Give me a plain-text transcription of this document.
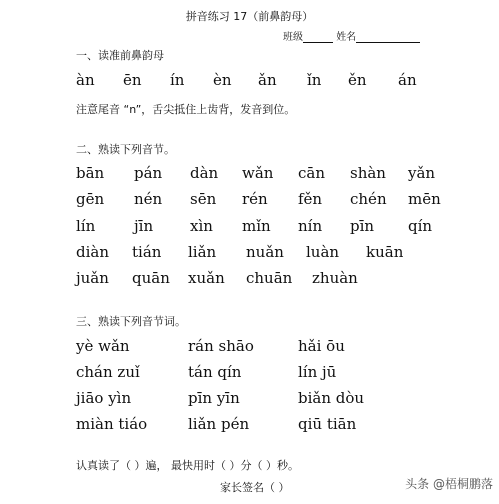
拼音练习 17（前鼻韵母）
班级	姓名
一、读准前鼻韵母
àn ēn ín èn ǎn ǐn ěn án
注意尾音 “n”，舌尖抵住上齿背，发音到位。
二、熟读下列音节。
bān pán dàn wǎn cān shàn yǎn
gēn nén sēn rén fěn chén mēn
lín	jīn xìn mǐn nín pīn qín
diàn tián liǎn nuǎn luàn kuān
juǎn quān xuǎn chuān zhuàn
三、熟读下列音节词。
yè wǎn	rán shāo	hǎi ōu
chán zuǐ	tán qín	lín jū
jiāo yìn	pīn yīn	biǎn dòu
miàn tiáo	liǎn pén	qiū tiān
认真读了（ ）遍， 最快用时（ ）分（ ）秒。
家长签名（ ）	头条 @梧桐鹏落
